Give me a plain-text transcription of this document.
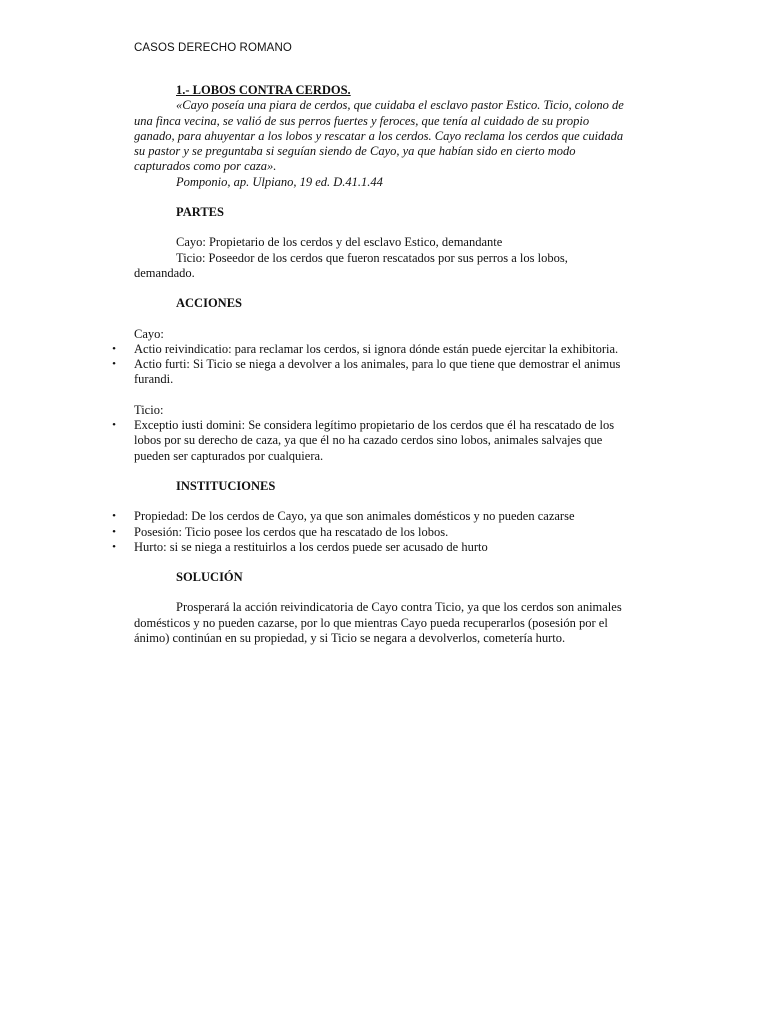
CASOS DERECHO ROMANO

1.- LOBOS CONTRA CERDOS.

«Cayo poseía una piara de cerdos, que cuidaba el esclavo pastor Estico. Ticio, colono de una finca vecina, se valió de sus perros fuertes y feroces, que tenía al cuidado de su propio ganado, para ahuyentar a los lobos y rescatar a los cerdos. Cayo reclama los cerdos que cuidada su pastor y se preguntaba si seguían siendo de Cayo, ya que habían sido en cierto modo capturados como por caza».

Pomponio, ap. Ulpiano, 19 ed. D.41.1.44

PARTES

Cayo: Propietario de los cerdos y del esclavo Estico, demandante

Ticio: Poseedor de los cerdos que fueron rescatados por sus perros a los lobos, demandado.

ACCIONES

Cayo:

• Actio reivindicatio: para reclamar los cerdos, si ignora dónde están puede ejercitar la exhibitoria.
• Actio furti: Si Ticio se niega a devolver a los animales, para lo que tiene que demostrar el animus furandi.

Ticio:

• Exceptio iusti domini: Se considera legítimo propietario de los cerdos que él ha rescatado de los lobos por su derecho de caza, ya que él no ha cazado cerdos sino lobos, animales salvajes que pueden ser capturados por cualquiera.

INSTITUCIONES

• Propiedad: De los cerdos de Cayo, ya que son animales domésticos y no pueden cazarse
• Posesión: Ticio posee los cerdos que ha rescatado de los lobos.
• Hurto: si se niega a restituirlos a los cerdos puede ser acusado de hurto

SOLUCIÓN

Prosperará la acción reivindicatoria de Cayo contra Ticio, ya que los cerdos son animales domésticos y no pueden cazarse, por lo que mientras Cayo pueda recuperarlos (posesión por el ánimo) continúan en su propiedad, y si Ticio se negara a devolverlos, cometería hurto.
